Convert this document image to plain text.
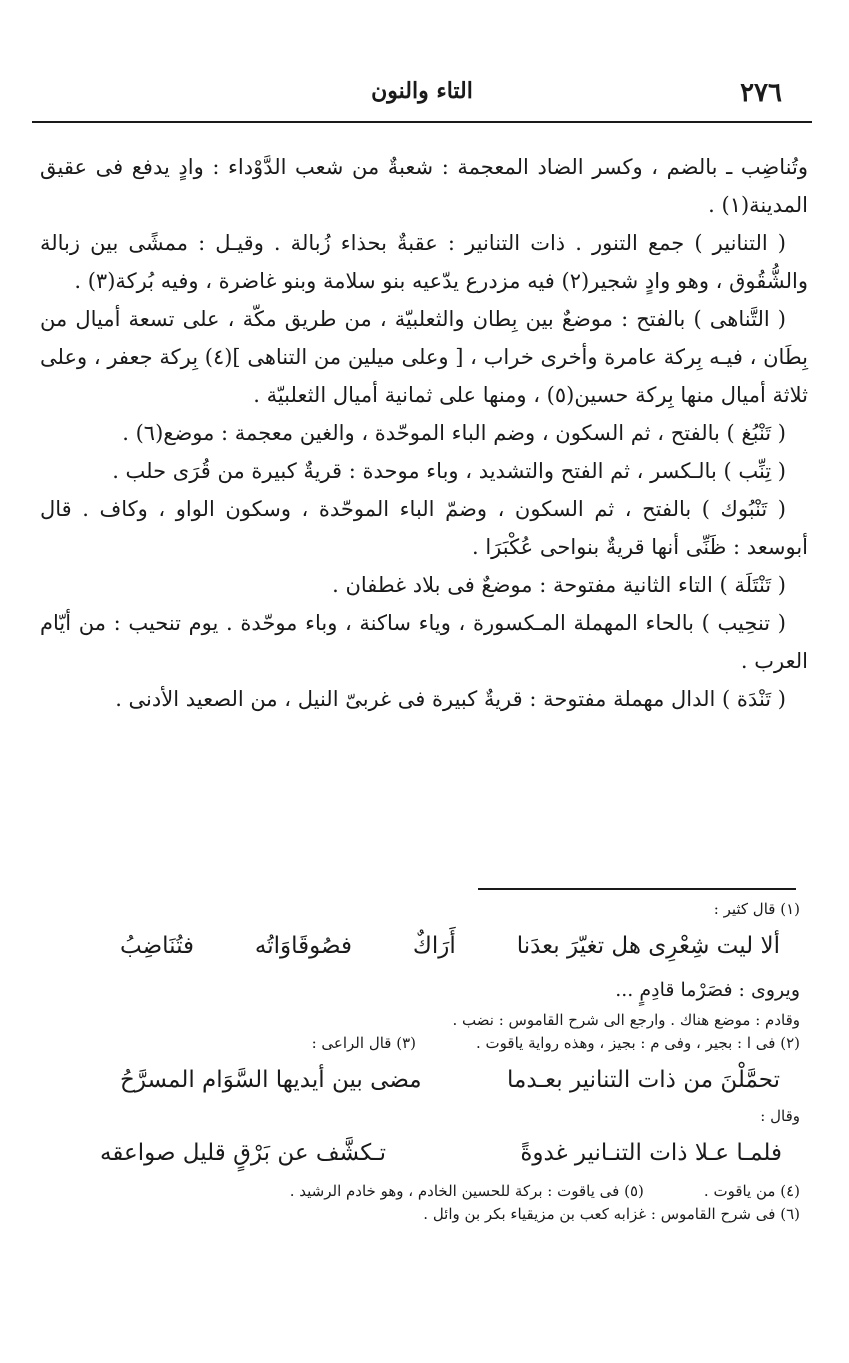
٢٧٦
التاء والنون

وتُناضِب ـ بالضم ، وكسر الضاد المعجمة : شعبةٌ من شعب الدَّوْداء : وادٍ يدفع فى عقيق المدينة(١) .

( التنانير ) جمع التنور . ذات التنانير : عقبةٌ بحذاء زُبالة . وقيـل : ممشًى بين زبالة والشُّقُوق ، وهو وادٍ شجير(٢) فيه مزدرع يدّعيه بنو سلامة وبنو غاضرة ، وفيه بُركة(٣) .

( التَّناهى ) بالفتح : موضعٌ بين بِطان والثعلبيّة ، من طريق مكّة ، على تسعة أميال من بِطَان ، فيـه بِركة عامرة وأخرى خراب ، [ وعلى ميلين من التناهى ](٤) بِركة جعفر ، وعلى ثلاثة أميال منها بِركة حسين(٥) ، ومنها على ثمانية أميال الثعلبيّة .

( تَنْبُغ ) بالفتح ، ثم السكون ، وضم الباء الموحّدة ، والغين معجمة : موضع(٦) .

( تِنِّب ) بالـكسر ، ثم الفتح والتشديد ، وباء موحدة : قريةٌ كبيرة من قُرَى حلب .

( تَنْبُوك ) بالفتح ، ثم السكون ، وضمّ الباء الموحّدة ، وسكون الواو ، وكاف . قال أبوسعد : ظَنِّى أنها قريةٌ بنواحى عُكْبَرَا .

( تَنْتَلَة ) التاء الثانية مفتوحة : موضعٌ فى بلاد غطفان .

( تنحِيب ) بالحاء المهملة المـكسورة ، وياء ساكنة ، وباء موحّدة . يوم تنحيب : من أيّام العرب .

( تَنْدَة ) الدال مهملة مفتوحة : قريةٌ كبيرة فى غربىّ النيل ، من الصعيد الأدنى .

(١) قال كثير :

ألا ليت شِعْرِى هل تغيّرَ بعدَنا
أَرَاكٌ
فصُوقَاوَاتُه
فتُنَاضِبُ

ويروى : فصَرْما قادِمٍ ...

وقادم : موضع هناك . وارجع الى شرح القاموس : نضب .

(٢) فى ا : بجير ، وفى م : بجيز ، وهذه رواية ياقوت .
(٣) قال الراعى :
تحمَّلْنَ من ذات التنانير بعـدما
مضى بين أيديها السَّوَام المسرَّحُ

وقال :

فلمـا عـلا ذات التنـانير غدوةً
تـكشَّف عن بَرْقٍ قليل صواعقه
(٤) من ياقوت .
(٥) فى ياقوت : بركة للحسين الخادم ، وهو خادم الرشيد .

(٦) فى شرح القاموس : غزابه كعب بن مزيقياء بكر بن وائل .
